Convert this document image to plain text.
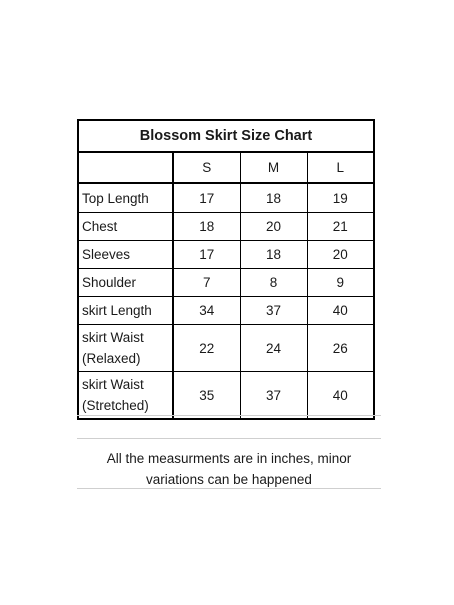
Blossom Skirt Size Chart			
	S	M	L
Top Length	17	18	19
Chest	18	20	21
Sleeves	17	18	20
Shoulder	7	8	9
skirt Length	34	37	40

skirt Waist
(Relaxed)	22	24	26

skirt Waist
(Stretched)	35	37	40
All the measurments are in inches, minor
variations can be happened
